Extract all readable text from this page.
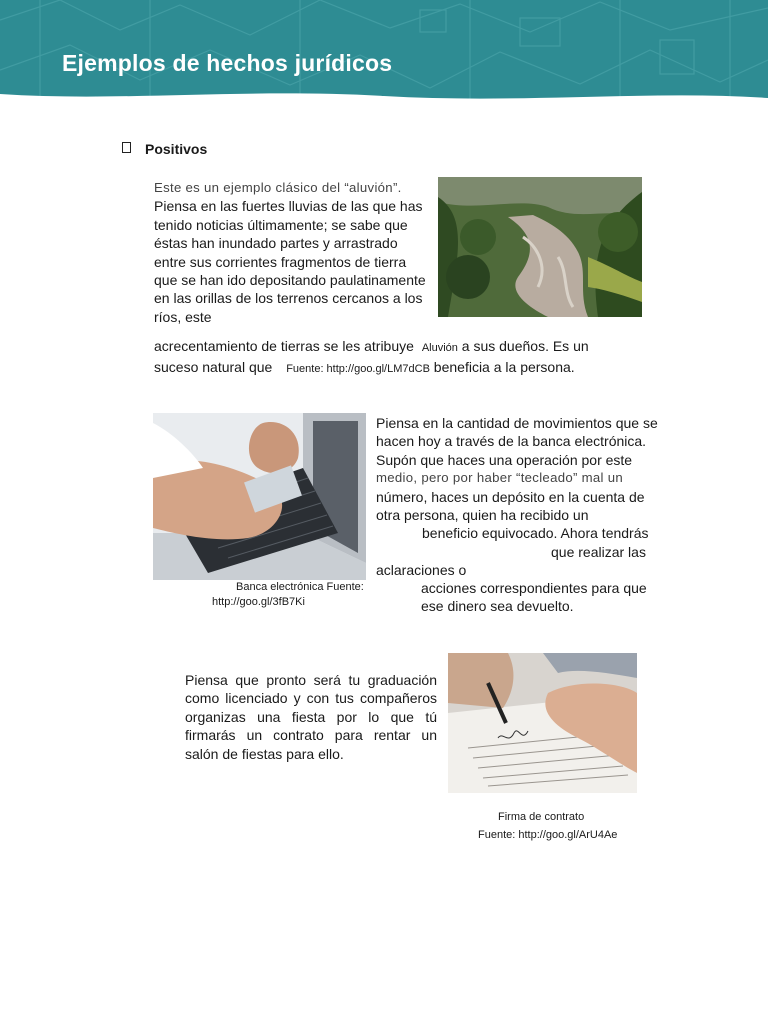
Ejemplos de hechos jurídicos
Positivos
Este es un ejemplo clásico del “aluvión”.
Piensa en las fuertes lluvias de las que has
tenido noticias últimamente; se sabe que
éstas han inundado partes y arrastrado
entre sus corrientes fragmentos de tierra
que se han ido depositando paulatinamente
en las orillas de los terrenos cercanos a los
ríos, este
acrecentamiento de tierras se les atribuye Aluvión a sus dueños. Es un
suceso natural que Fuente: http://goo.gl/LM7dCB beneficia a la persona.
Piensa en la cantidad de movimientos que se
hacen hoy a través de la banca electrónica.
Supón que haces una operación por este
medio, pero por haber “tecleado” mal un
número, haces un depósito en la cuenta de
otra persona, quien ha recibido un
beneficio equivocado. Ahora tendrás
que realizar las
aclaraciones o
acciones correspondientes para que
ese dinero sea devuelto.
Banca electrónica Fuente:
http://goo.gl/3fB7Ki
Piensa que pronto será tu graduación como licenciado y con tus compañeros organizas una fiesta por lo que tú firmarás un contrato para rentar un salón de fiestas para ello.
Firma de contrato
Fuente: http://goo.gl/ArU4Ae
